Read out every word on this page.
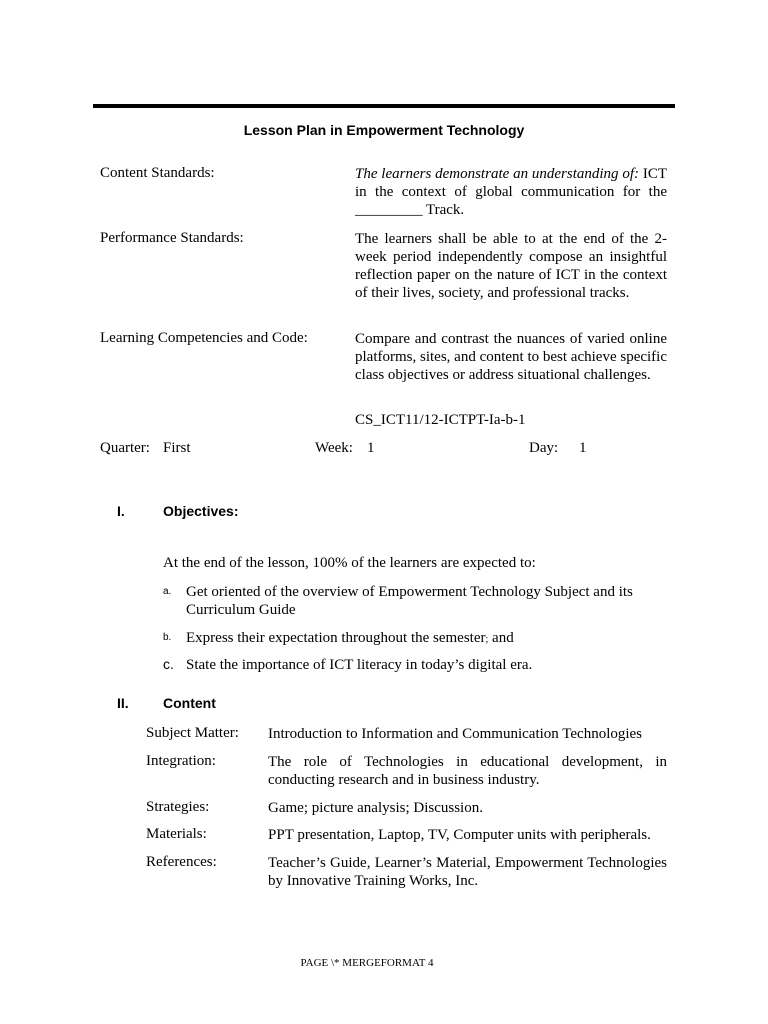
Lesson Plan in Empowerment Technology
Content Standards:	The learners demonstrate an understanding of: ICT in the context of global communication for the _________ Track.
Performance Standards:	The learners shall be able to at the end of the 2-week period independently compose an insightful reflection paper on the nature of ICT in the context of their lives, society, and professional tracks.
Learning Competencies and Code:	Compare and contrast the nuances of varied online platforms, sites, and content to best achieve specific class objectives or address situational challenges.
CS_ICT11/12-ICTPT-Ia-b-1
Quarter: First	Week: 1	Day: 1
I.	Objectives:
At the end of the lesson, 100% of the learners are expected to:
a. Get oriented of the overview of Empowerment Technology Subject and its Curriculum Guide
b. Express their expectation throughout the semester; and
c. State the importance of ICT literacy in today’s digital era.
II. Content
Subject Matter: Introduction to Information and Communication Technologies
Integration:	The role of Technologies in educational development, in conducting research and in business industry.
Strategies:	Game; picture analysis; Discussion.
Materials:	PPT presentation, Laptop, TV, Computer units with peripherals.
References:	Teacher’s Guide, Learner’s Material, Empowerment Technologies by Innovative Training Works, Inc.
PAGE \* MERGEFORMAT 4
